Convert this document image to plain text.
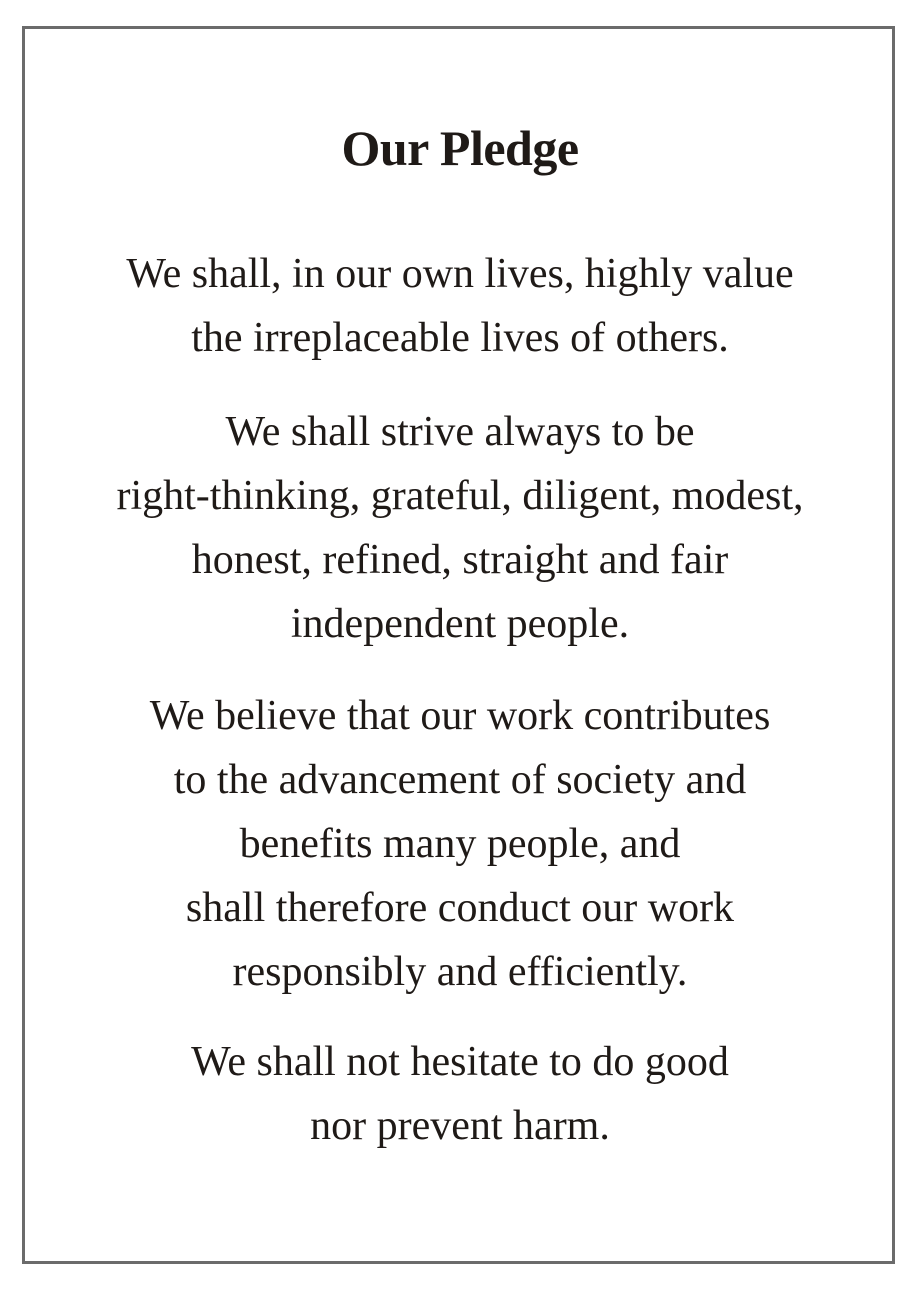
Our Pledge

We shall, in our own lives, highly value
the irreplaceable lives of others.

We shall strive always to be
right-thinking, grateful, diligent, modest,
honest, refined, straight and fair
independent people.

We believe that our work contributes
to the advancement of society and
benefits many people, and
shall therefore conduct our work
responsibly and efficiently.

We shall not hesitate to do good
nor prevent harm.
